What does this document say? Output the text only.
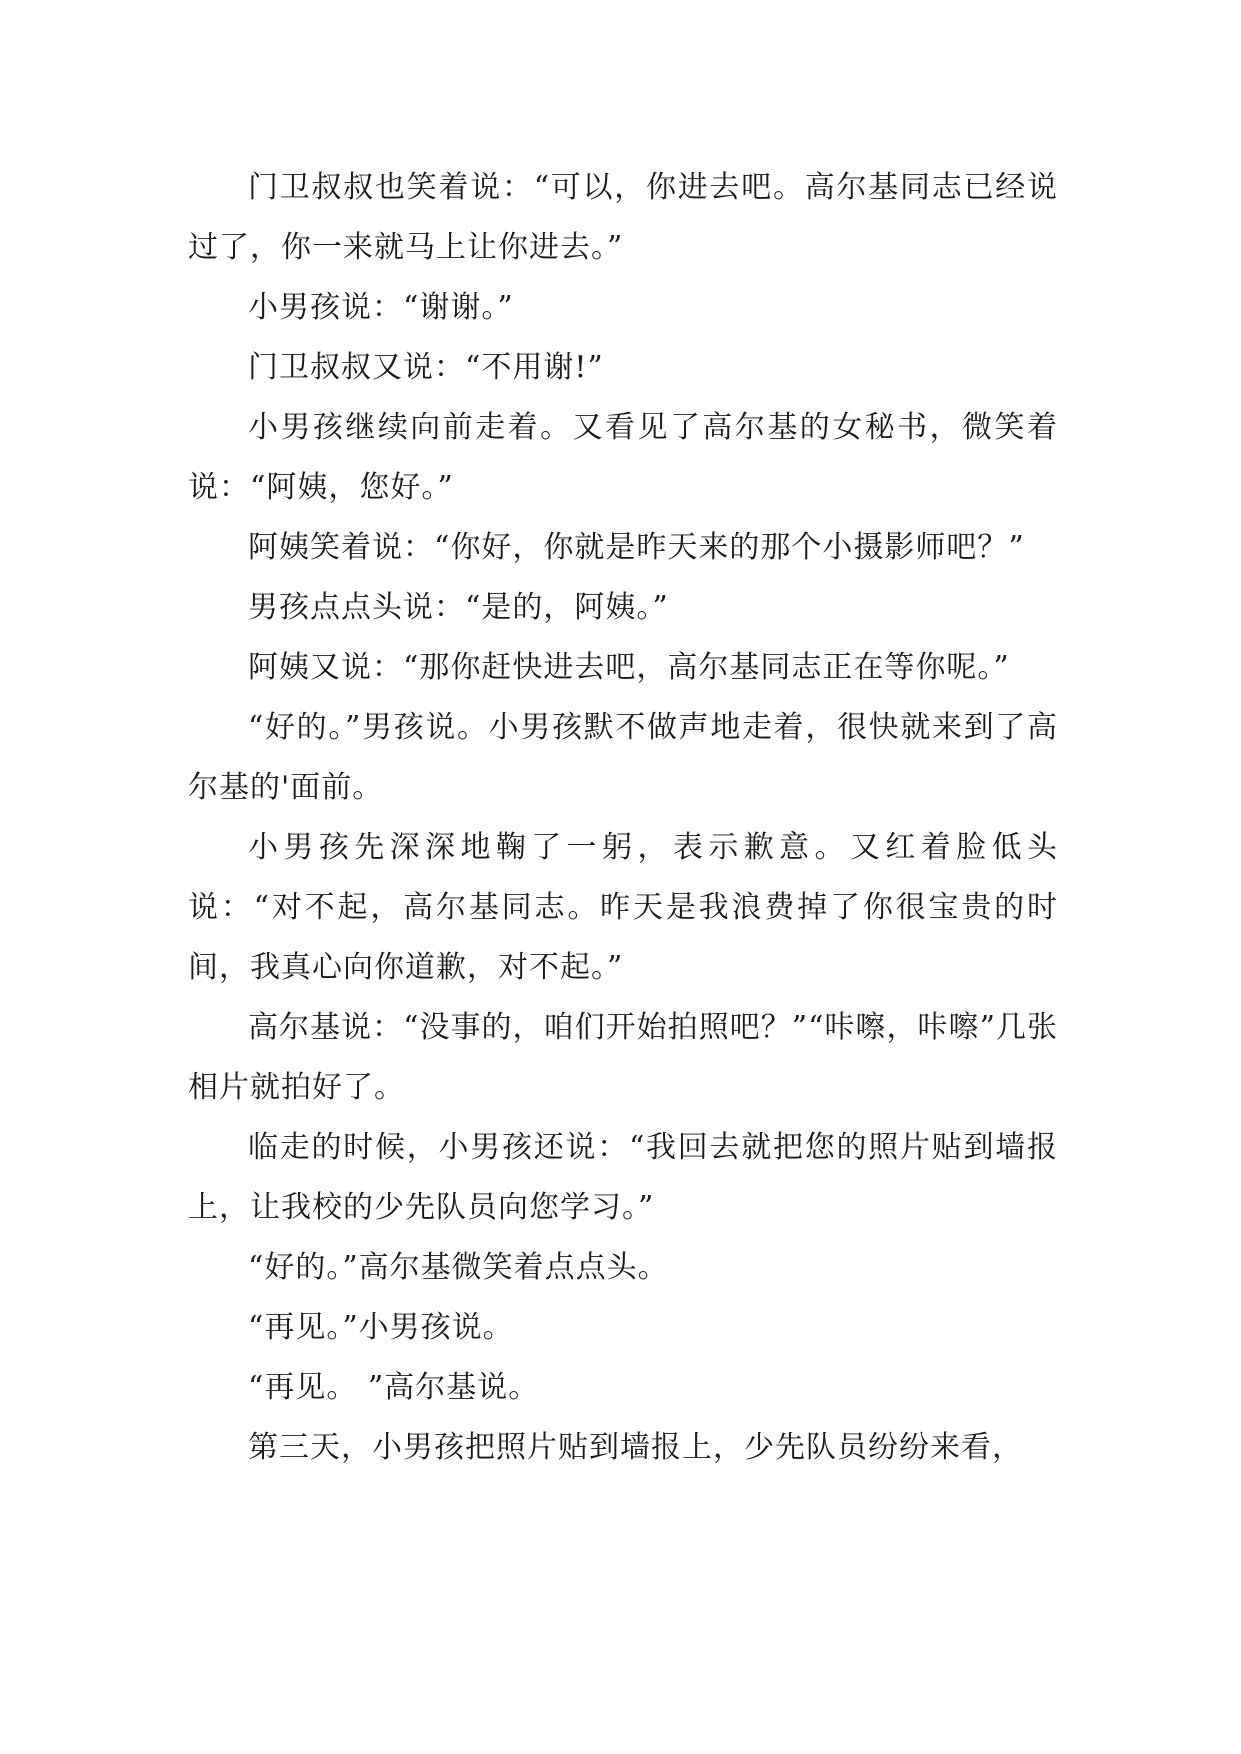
门卫叔叔也笑着说：“可以，你进去吧。高尔基同志已经说过了，你一来就马上让你进去。”

小男孩说：“谢谢。”

门卫叔叔又说：“不用谢!”

小男孩继续向前走着。又看见了高尔基的女秘书，微笑着说：“阿姨，您好。”

阿姨笑着说：“你好，你就是昨天来的那个小摄影师吧？”

男孩点点头说：“是的，阿姨。”

阿姨又说：“那你赶快进去吧，高尔基同志正在等你呢。”

“好的。”男孩说。小男孩默不做声地走着，很快就来到了高尔基的'面前。

小男孩先深深地鞠了一躬，表示歉意。又红着脸低头说：“对不起，高尔基同志。昨天是我浪费掉了你很宝贵的时间，我真心向你道歉，对不起。”

高尔基说：“没事的，咱们开始拍照吧？”“咔嚓，咔嚓”几张相片就拍好了。

临走的时候，小男孩还说：“我回去就把您的照片贴到墙报上，让我校的少先队员向您学习。”

“好的。”高尔基微笑着点点头。

“再见。”小男孩说。

“再见。 ”高尔基说。

第三天，小男孩把照片贴到墙报上，少先队员纷纷来看，
